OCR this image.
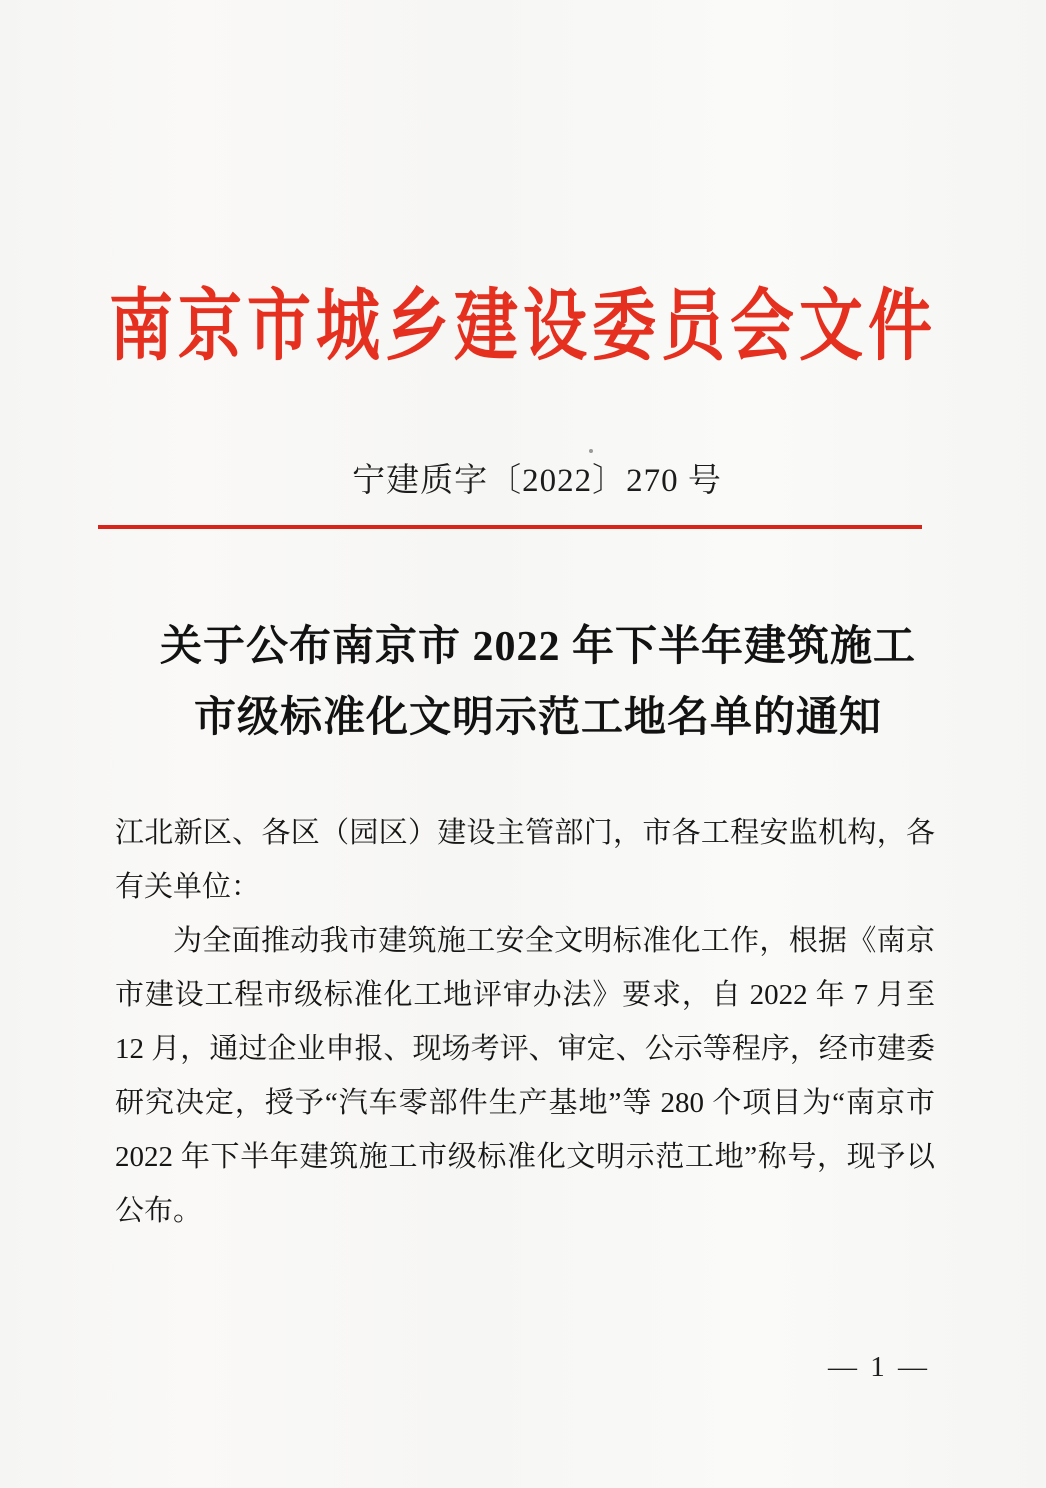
南京市城乡建设委员会文件
宁建质字〔2022〕270 号
关于公布南京市 2022 年下半年建筑施工
市级标准化文明示范工地名单的通知
江北新区、各区（园区）建设主管部门，市各工程安监机构，各
有关单位：
为全面推动我市建筑施工安全文明标准化工作，根据《南京
市建设工程市级标准化工地评审办法》要求，自 2022 年 7 月至
12 月，通过企业申报、现场考评、审定、公示等程序，经市建委
研究决定，授予“汽车零部件生产基地”等 280 个项目为“南京市
2022 年下半年建筑施工市级标准化文明示范工地”称号，现予以
公布。
— 1 —
